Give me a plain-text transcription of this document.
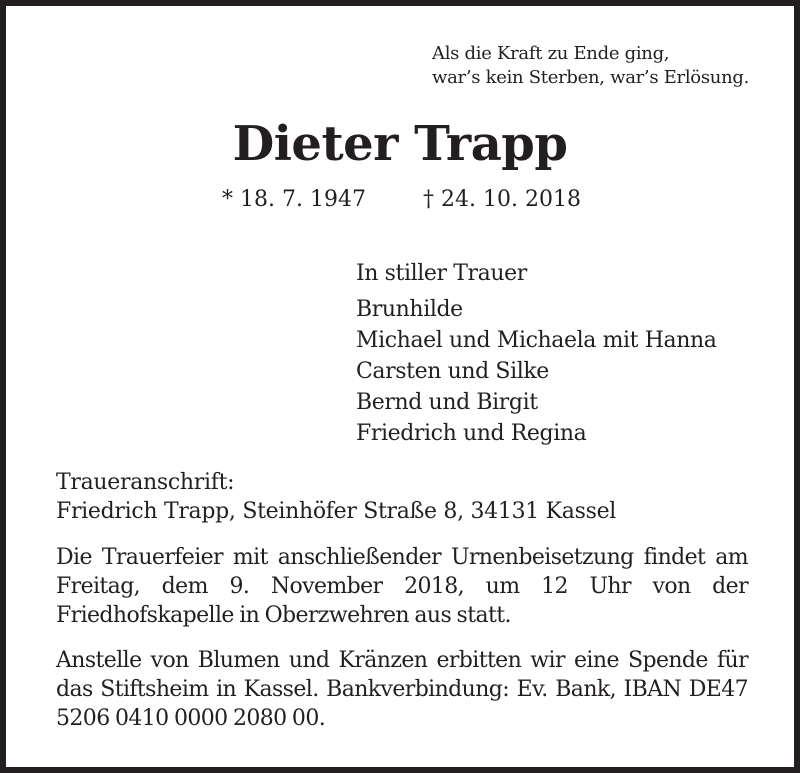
Als die Kraft zu Ende ging,
war’s kein Sterben, war’s Erlösung.
Dieter Trapp
* 18. 7. 1947	† 24. 10. 2018
In stiller Trauer
Brunhilde
Michael und Michaela mit Hanna
Carsten und Silke
Bernd und Birgit
Friedrich und Regina
Traueranschrift:
Friedrich Trapp, Steinhöfer Straße 8, 34131 Kassel
Die Trauerfeier mit anschließender Urnenbeisetzung findet am Freitag, dem 9. November 2018, um 12 Uhr von der Friedhofskapelle in Oberzwehren aus statt.
Anstelle von Blumen und Kränzen erbitten wir eine Spende für das Stiftsheim in Kassel. Bankverbindung: Ev. Bank, IBAN DE47 5206 0410 0000 2080 00.
